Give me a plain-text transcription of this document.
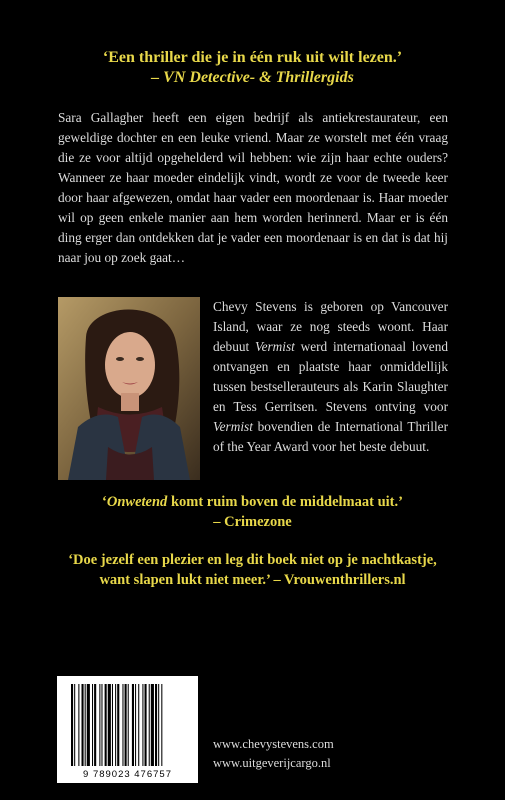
‘Een thriller die je in één ruk uit wilt lezen.’
– VN Detective- & Thrillergids
Sara Gallagher heeft een eigen bedrijf als antiekrestaurateur, een geweldige dochter en een leuke vriend. Maar ze worstelt met één vraag die ze voor altijd opgehelderd wil hebben: wie zijn haar echte ouders? Wanneer ze haar moeder eindelijk vindt, wordt ze voor de tweede keer door haar afgewezen, omdat haar vader een moordenaar is. Haar moeder wil op geen enkele manier aan hem worden herinnerd. Maar er is één ding erger dan ontdekken dat je vader een moordenaar is en dat is dat hij naar jou op zoek gaat…
Chevy Stevens is geboren op Vancouver Island, waar ze nog steeds woont. Haar debuut Vermist werd internationaal lovend ontvangen en plaatste haar onmiddellijk tussen bestsellerauteurs als Karin Slaughter en Tess Gerritsen. Stevens ontving voor Vermist bovendien de International Thriller of the Year Award voor het beste debuut.
‘Onwetend komt ruim boven de middelmaat uit.’
– Crimezone
‘Doe jezelf een plezier en leg dit boek niet op je nachtkastje,
want slapen lukt niet meer.’ – Vrouwenthrillers.nl
9 789023 476757
www.chevystevens.com
www.uitgeverijcargo.nl
